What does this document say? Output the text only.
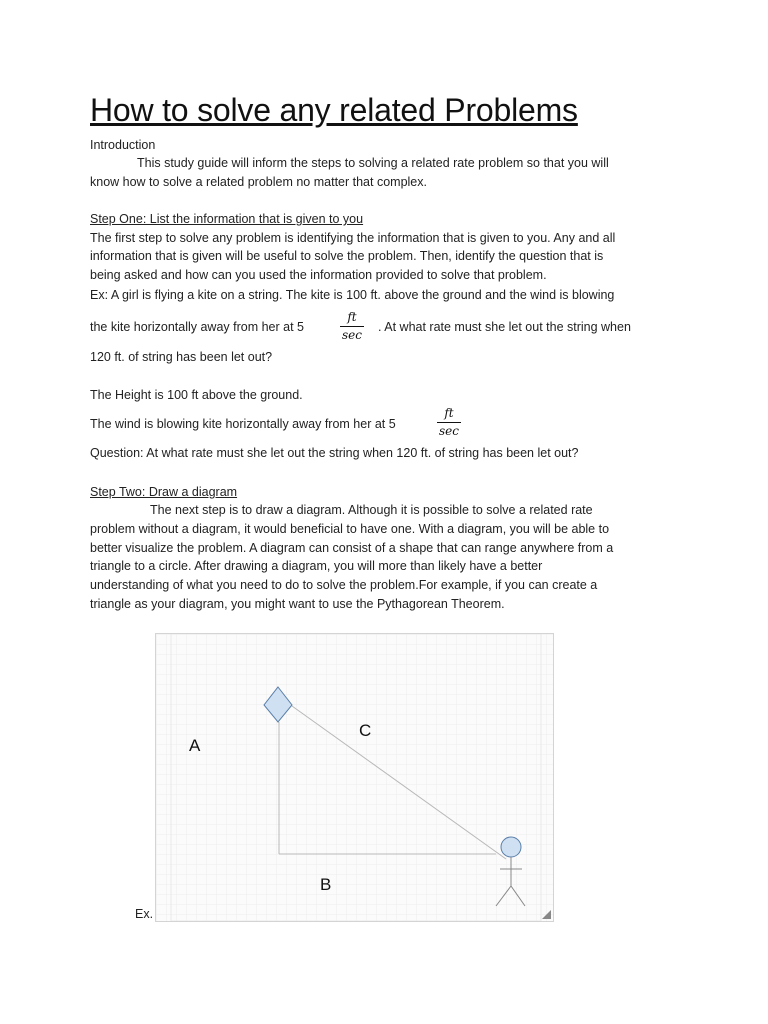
How to solve any related Problems
Introduction
This study guide will inform the steps to solving a related rate problem so that you will
know how to solve a related problem no matter that complex.
Step One: List the information that is given to you
The first step to solve any problem is identifying the information that is given to you. Any and all
information that is given will be useful to solve the problem. Then, identify the question that is
being asked and how can you used the information provided to solve that problem.
Ex: A girl is flying a kite on a string. The kite is 100 ft. above the ground and the wind is blowing
the kite horizontally away from her at 5
ft
sec
. At what rate must she let out the string when
120 ft. of string has been let out?
The Height is 100 ft above the ground.
The wind is blowing kite horizontally away from her at 5
ft
sec
Question: At what rate must she let out the string when 120 ft. of string has been let out?
Step Two: Draw a diagram
The next step is to draw a diagram. Although it is possible to solve a related rate
problem without a diagram, it would beneficial to have one. With a diagram, you will be able to
better visualize the problem. A diagram can consist of a shape that can range anywhere from a
triangle to a circle. After drawing a diagram, you will more than likely have a better
understanding of what you need to do to solve the problem.For example, if you can create a
triangle as your diagram, you might want to use the Pythagorean Theorem.
Ex.
A
C
B
